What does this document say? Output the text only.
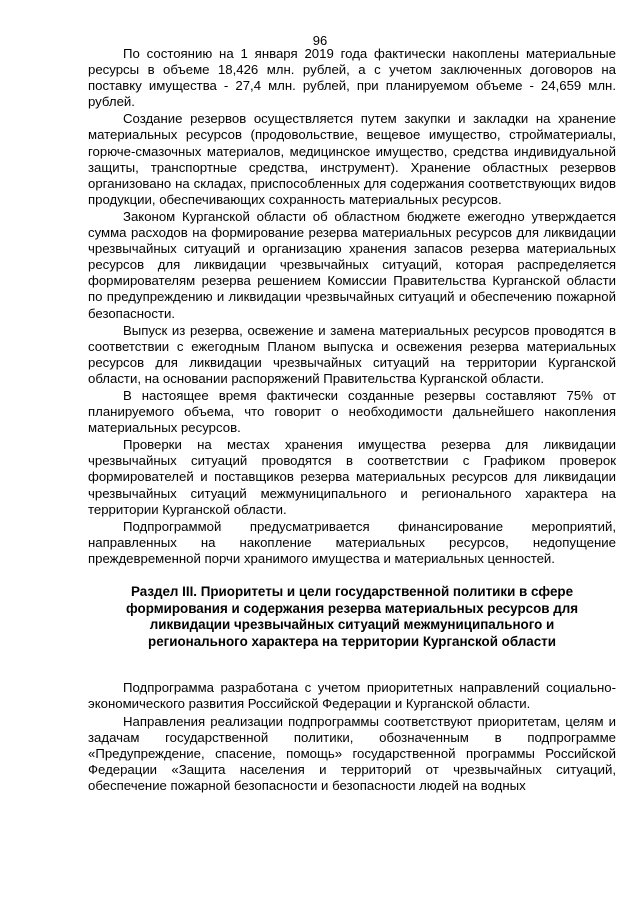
96

По состоянию на 1 января 2019 года фактически накоплены материальные ресурсы в объеме 18,426 млн. рублей, а с учетом заключенных договоров на поставку имущества - 27,4 млн. рублей, при планируемом объеме - 24,659 млн. рублей.

Создание резервов осуществляется путем закупки и закладки на хранение материальных ресурсов (продовольствие, вещевое имущество, стройматериалы, горюче-смазочных материалов, медицинское имущество, средства индивидуальной защиты, транспортные средства, инструмент). Хранение областных резервов организовано на складах, приспособленных для содержания соответствующих видов продукции, обеспечивающих сохранность материальных ресурсов.

Законом Курганской области об областном бюджете ежегодно утверждается сумма расходов на формирование резерва материальных ресурсов для ликвидации чрезвычайных ситуаций и организацию хранения запасов резерва материальных ресурсов для ликвидации чрезвычайных ситуаций, которая распределяется формирователям резерва решением Комиссии Правительства Курганской области по предупреждению и ликвидации чрезвычайных ситуаций и обеспечению пожарной безопасности.

Выпуск из резерва, освежение и замена материальных ресурсов проводятся в соответствии с ежегодным Планом выпуска и освежения резерва материальных ресурсов для ликвидации чрезвычайных ситуаций на территории Курганской области, на основании распоряжений Правительства Курганской области.

В настоящее время фактически созданные резервы составляют 75% от планируемого объема, что говорит о необходимости дальнейшего накопления материальных ресурсов.

Проверки на местах хранения имущества резерва для ликвидации чрезвычайных ситуаций проводятся в соответствии с Графиком проверок формирователей и поставщиков резерва материальных ресурсов для ликвидации чрезвычайных ситуаций межмуниципального и регионального характера на территории Курганской области.

Подпрограммой предусматривается финансирование мероприятий, направленных на накопление материальных ресурсов, недопущение преждевременной порчи хранимого имущества и материальных ценностей.

Раздел III. Приоритеты и цели государственной политики в сфере
формирования и содержания резерва материальных ресурсов для
ликвидации чрезвычайных ситуаций межмуниципального и
регионального характера на территории Курганской области

Подпрограмма разработана с учетом приоритетных направлений социально-экономического развития Российской Федерации и Курганской области.

Направления реализации подпрограммы соответствуют приоритетам, целям и задачам государственной политики, обозначенным в подпрограмме «Предупреждение, спасение, помощь» государственной программы Российской Федерации «Защита населения и территорий от чрезвычайных ситуаций, обеспечение пожарной безопасности и безопасности людей на водных
